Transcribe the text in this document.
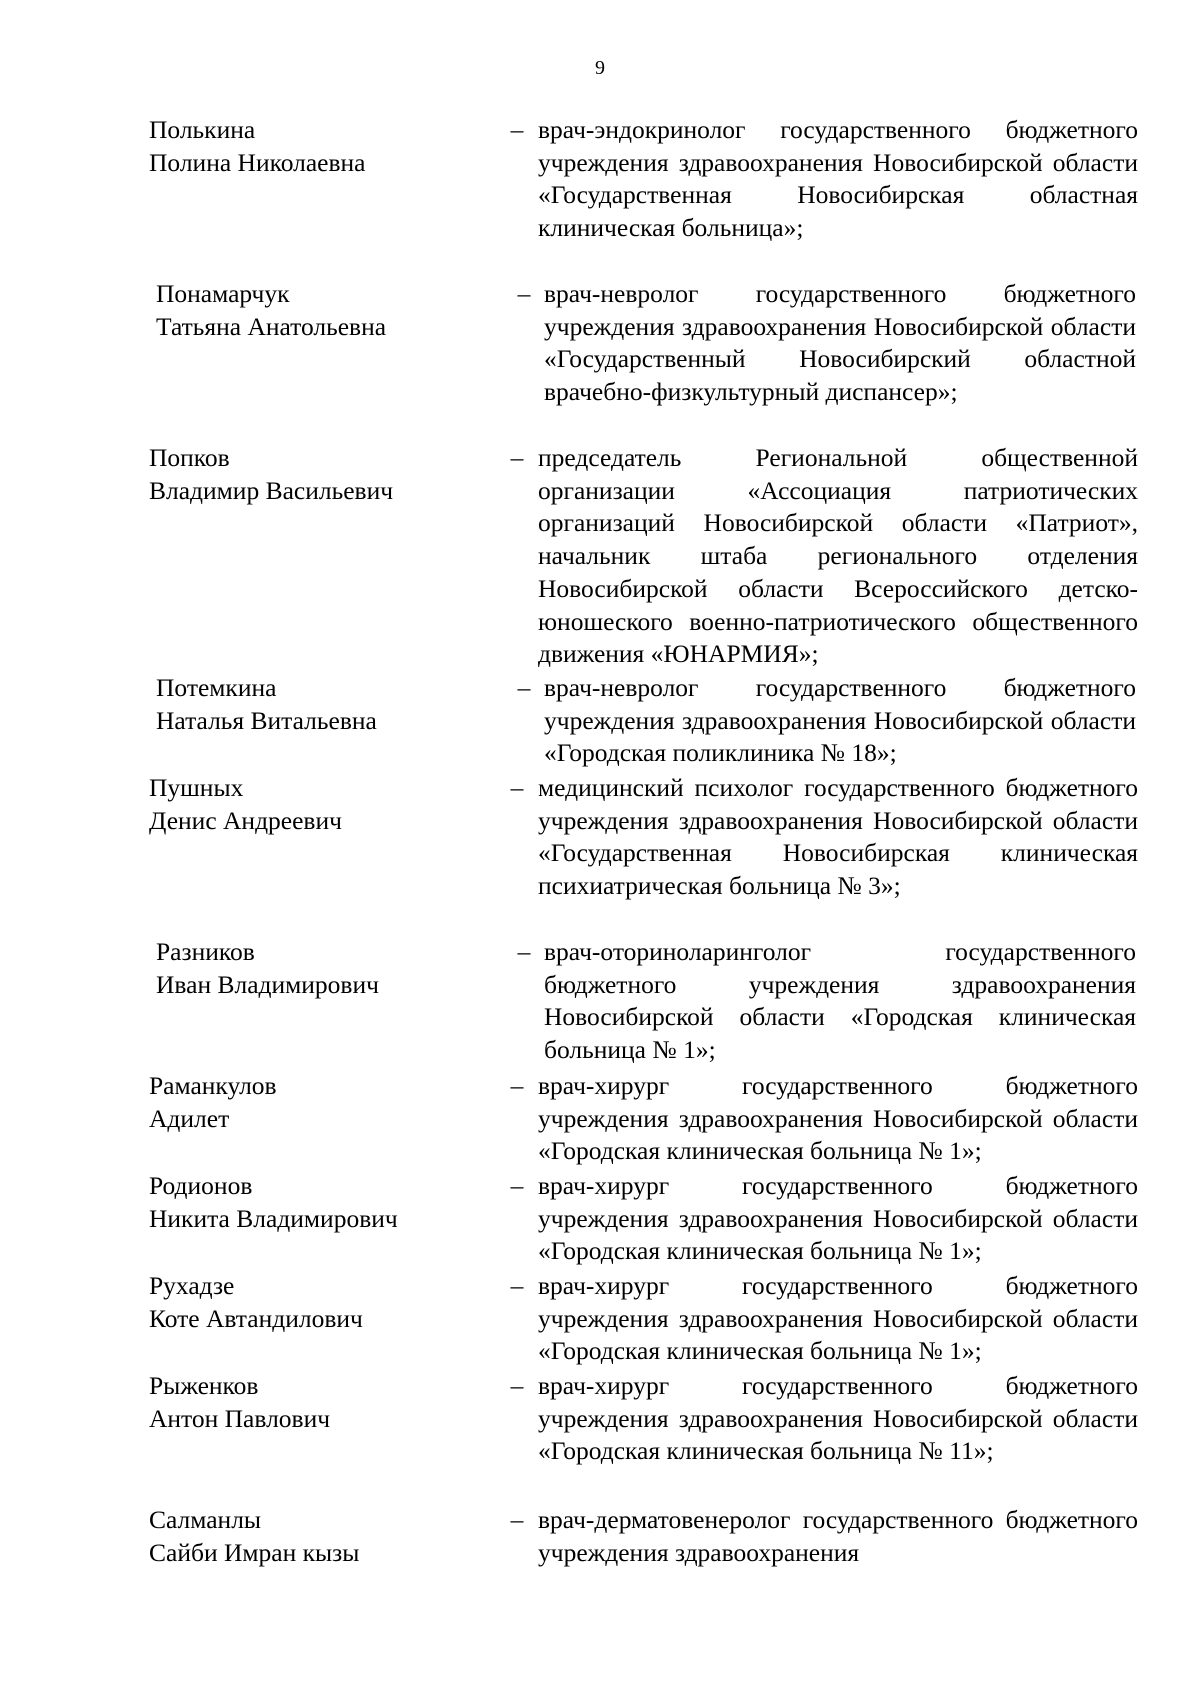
9
Полькина
Полина Николаевна
– врач-эндокринолог государственного бюджетного учреждения здравоохранения Новосибирской области «Государственная Новосибирская областная клиническая больница»;
Понамарчук
Татьяна Анатольевна
– врач-невролог государственного бюджетного учреждения здравоохранения Новосибирской области «Государственный Новосибирский областной врачебно-физкультурный диспансер»;
Попков
Владимир Васильевич
– председатель Региональной общественной организации «Ассоциация патриотических организаций Новосибирской области «Патриот», начальник штаба регионального отделения Новосибирской области Всероссийского детско-юношеского военно-патриотического общественного движения «ЮНАРМИЯ»;
Потемкина
Наталья Витальевна
– врач-невролог государственного бюджетного учреждения здравоохранения Новосибирской области «Городская поликлиника № 18»;
Пушных
Денис Андреевич
– медицинский психолог государственного бюджетного учреждения здравоохранения Новосибирской области «Государственная Новосибирская клиническая психиатрическая больница № 3»;
Разников
Иван Владимирович
– врач-оториноларинголог государственного бюджетного учреждения здравоохранения Новосибирской области «Городская клиническая больница № 1»;
Раманкулов
Адилет
– врач-хирург государственного бюджетного учреждения здравоохранения Новосибирской области «Городская клиническая больница № 1»;
Родионов
Никита Владимирович
– врач-хирург государственного бюджетного учреждения здравоохранения Новосибирской области «Городская клиническая больница № 1»;
Рухадзе
Коте Автандилович
– врач-хирург государственного бюджетного учреждения здравоохранения Новосибирской области «Городская клиническая больница № 1»;
Рыженков
Антон Павлович
– врач-хирург государственного бюджетного учреждения здравоохранения Новосибирской области «Городская клиническая больница № 11»;
Салманлы
Сайби Имран кызы
– врач-дерматовенеролог государственного бюджетного учреждения здравоохранения
